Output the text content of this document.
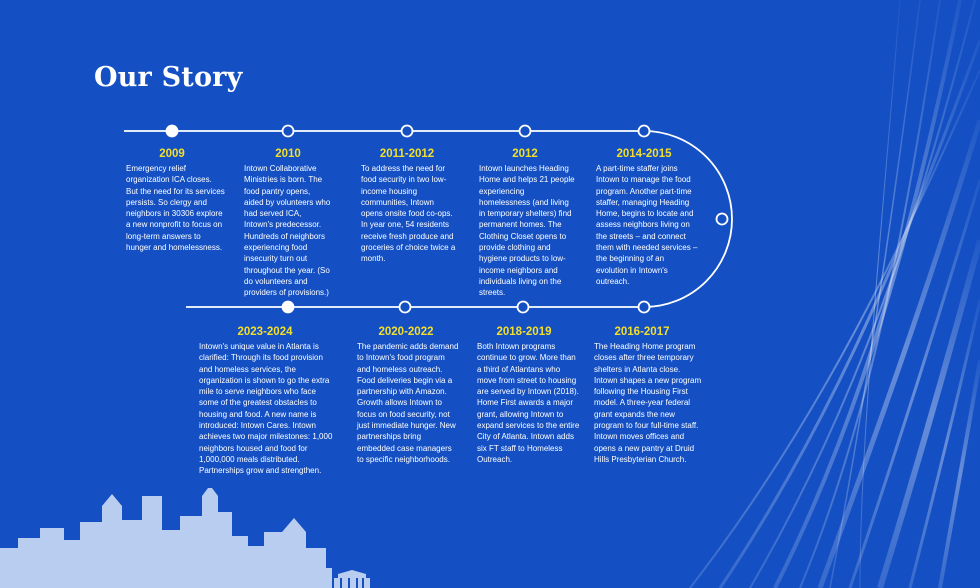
Our Story
2009
Emergency relief organization ICA closes. But the need for its services persists. So clergy and neighbors in 30306 explore a new nonprofit to focus on long-term answers to hunger and homelessness.
2010
Intown Collaborative Ministries is born. The food pantry opens, aided by volunteers who had served ICA, Intown's predecessor. Hundreds of neighbors experiencing food insecurity turn out throughout the year. (So do volunteers and providers of provisions.)
2011-2012
To address the need for food security in two low-income housing communities, Intown opens onsite food co-ops. In year one, 54 residents receive fresh produce and groceries of choice twice a month.
2012
Intown launches Heading Home and helps 21 people experiencing homelessness (and living in temporary shelters) find permanent homes. The Clothing Closet opens to provide clothing and hygiene products to low-income neighbors and individuals living on the streets.
2014-2015
A part-time staffer joins Intown to manage the food program. Another part-time staffer, managing Heading Home, begins to locate and assess neighbors living on the streets – and connect them with needed services – the beginning of an evolution in Intown's outreach.
2023-2024
Intown's unique value in Atlanta is clarified: Through its food provision and homeless services, the organization is shown to go the extra mile to serve neighbors who face some of the greatest obstacles to housing and food. A new name is introduced: Intown Cares. Intown achieves two major milestones: 1,000 neighbors housed and food for 1,000,000 meals distributed. Partnerships grow and strengthen.
2020-2022
The pandemic adds demand to Intown's food program and homeless outreach. Food deliveries begin via a partnership with Amazon. Growth allows Intown to focus on food security, not just immediate hunger. New partnerships bring embedded case managers to specific neighborhoods.
2018-2019
Both Intown programs continue to grow. More than a third of Atlantans who move from street to housing are served by Intown (2018). Home First awards a major grant, allowing Intown to expand services to the entire City of Atlanta. Intown adds six FT staff to Homeless Outreach.
2016-2017
The Heading Home program closes after three temporary shelters in Atlanta close. Intown shapes a new program following the Housing First model. A three-year federal grant expands the new program to four full-time staff. Intown moves offices and opens a new pantry at Druid Hills Presbyterian Church.
